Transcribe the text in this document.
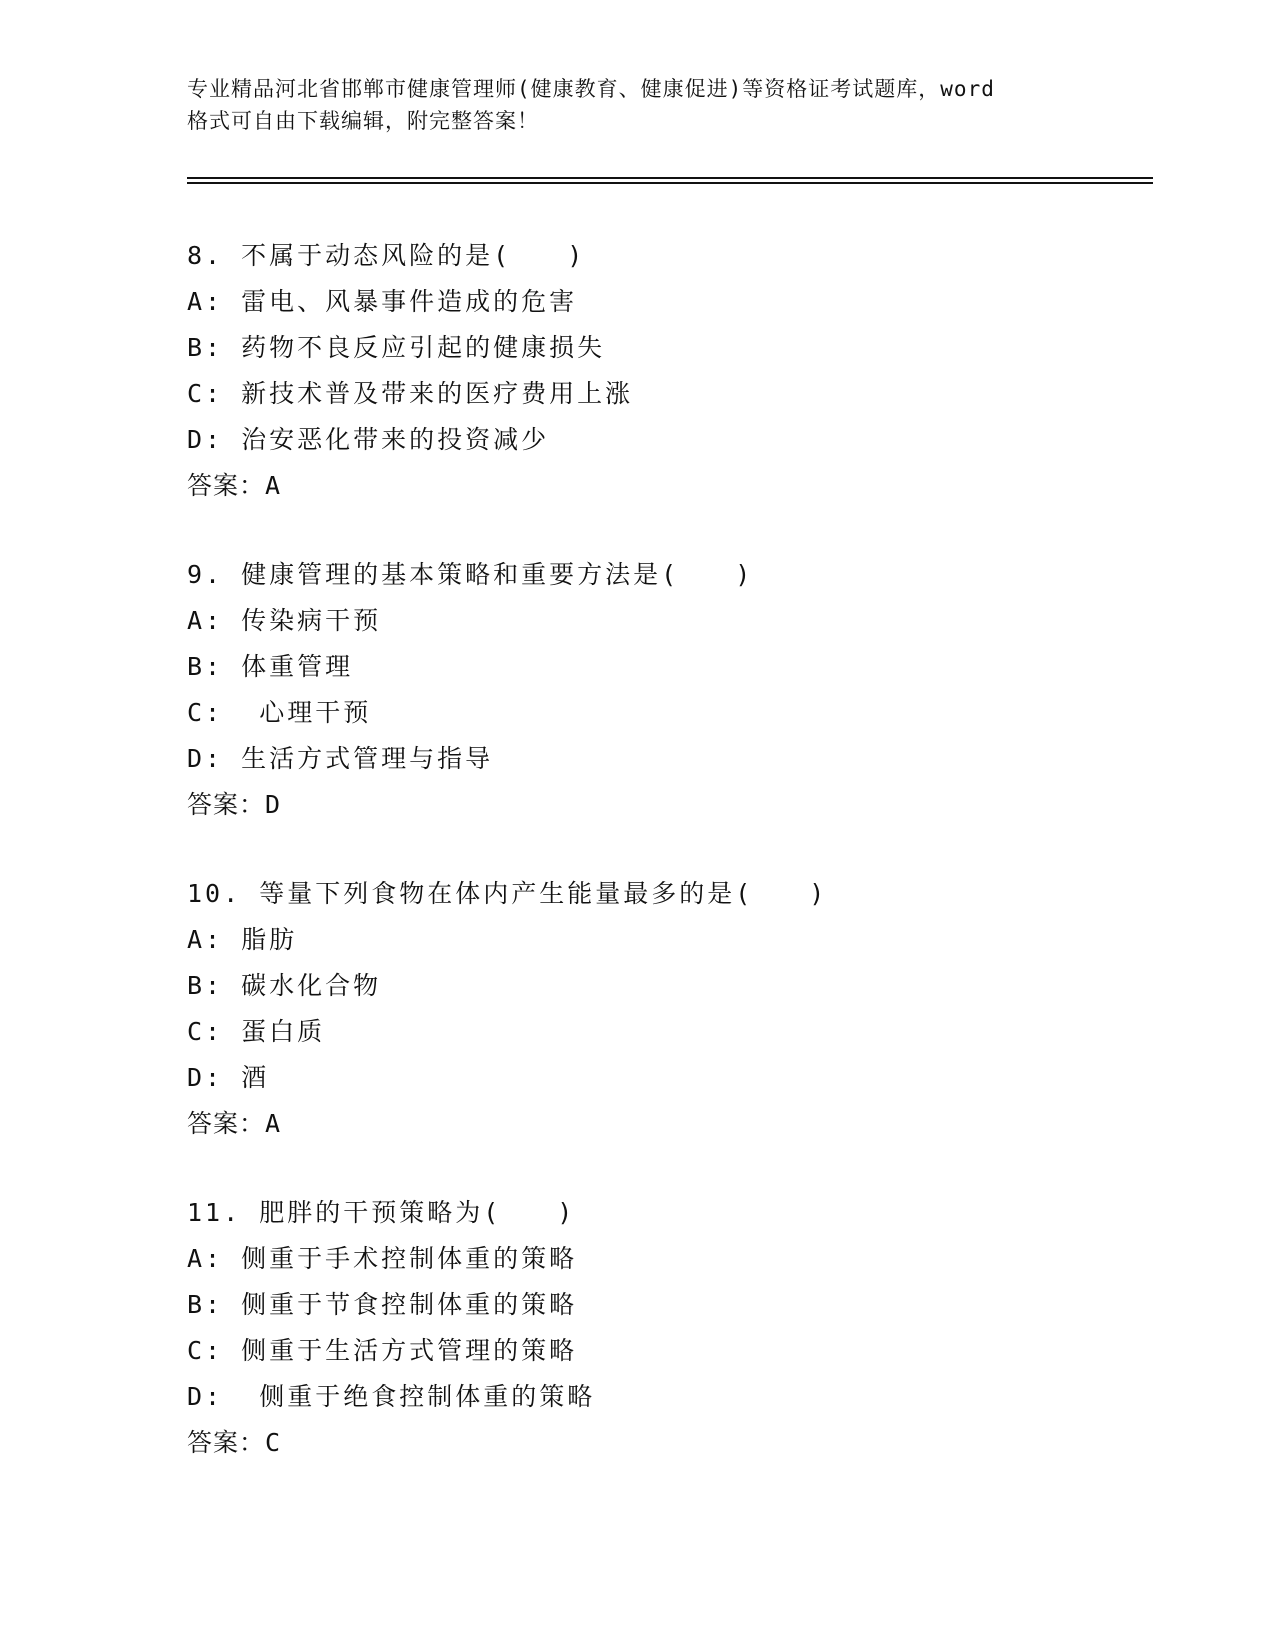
专业精品河北省邯郸市健康管理师(健康教育、健康促进)等资格证考试题库，word
格式可自由下载编辑，附完整答案！
8. 不属于动态风险的是(　　)
A: 雷电、风暴事件造成的危害
B: 药物不良反应引起的健康损失
C: 新技术普及带来的医疗费用上涨
D: 治安恶化带来的投资减少
答案：A
9. 健康管理的基本策略和重要方法是(　　)
A: 传染病干预
B: 体重管理
C:  心理干预
D: 生活方式管理与指导
答案：D
10. 等量下列食物在体内产生能量最多的是(　　)
A: 脂肪
B: 碳水化合物
C: 蛋白质
D: 酒
答案：A
11. 肥胖的干预策略为(　　)
A: 侧重于手术控制体重的策略
B: 侧重于节食控制体重的策略
C: 侧重于生活方式管理的策略
D:  侧重于绝食控制体重的策略
答案：C
